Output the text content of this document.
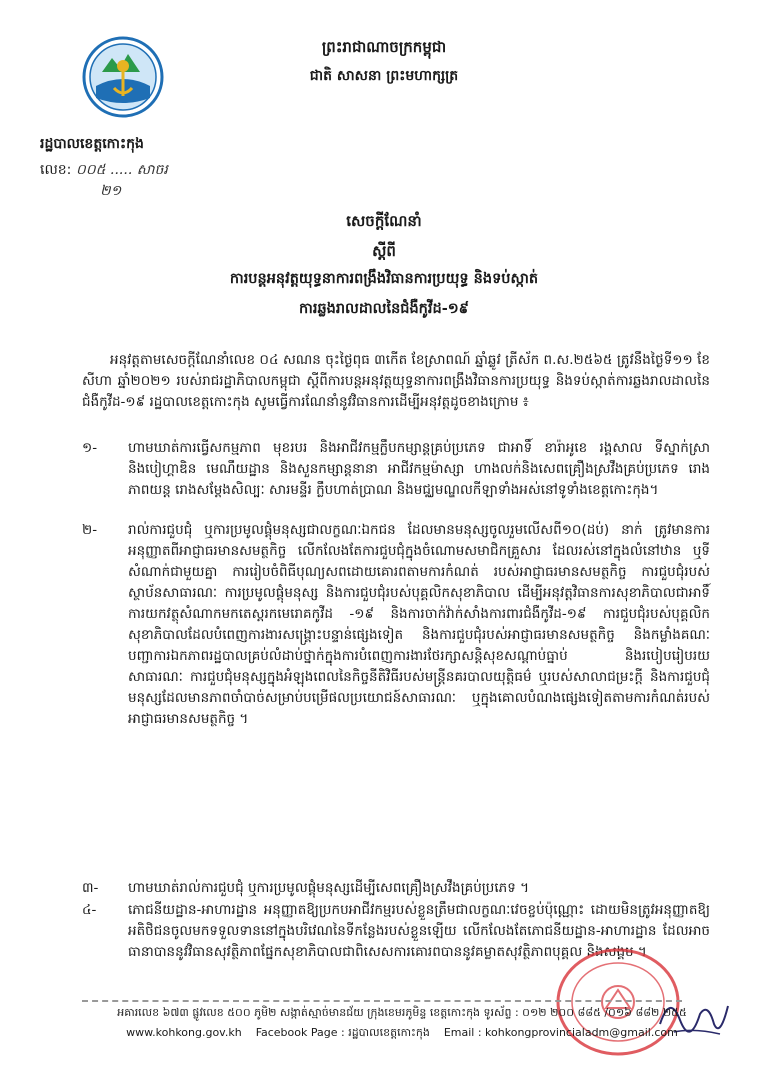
ព្រះរាជាណាចក្រកម្ពុជា
ជាតិ សាសនា ព្រះមហាក្សត្រ
រដ្ឋបាលខេត្តកោះកុង
លេខ: ០០៥ ..... សាចរ
២១
សេចក្តីណែនាំ
ស្តីពី
ការបន្តអនុវត្តយុទ្ធនាការពង្រឹងវិធានការប្រយុទ្ធ និងទប់ស្កាត់
ការឆ្លងរាលដាលនៃជំងឺកូវីដ-១៩
អនុវត្តតាមសេចក្តីណែនាំលេខ ០៤ សណន ចុះថ្ងៃពុធ ៣កើត ខែស្រាពណ៍ ឆ្នាំឆ្លូវ ត្រីស័ក ព.ស.២៥៦៥ ត្រូវនឹងថ្ងៃទី១១ ខែសីហា ឆ្នាំ២០២១ របស់រាជរដ្ឋាភិបាលកម្ពុជា ស្តីពីការបន្តអនុវត្តយុទ្ធនាការពង្រឹងវិធានការប្រយុទ្ធ និងទប់ស្កាត់ការឆ្លងរាលដាលនៃជំងឺកូវីដ-១៩ រដ្ឋបាលខេត្តកោះកុង សូមធ្វើការណែនាំនូវវិធានការដើម្បីអនុវត្តដូចខាងក្រោម ៖
១-	ហាមឃាត់ការធ្វើសកម្មភាព មុខរបរ និងអាជីវកម្មក្លឹបកម្សាន្តគ្រប់ប្រភេទ ជាអាទិ៍ ខារ៉ាអូខេ រង្គសាល ទីស្នាក់ស្រា និងបៀហ្គាឌិន មេណឹយដ្ឋាន និងសួនកម្សាន្តនានា អាជីវកម្មម៉ាស្សា ហាងលក់និងសេពគ្រឿងស្រវឹងគ្រប់ប្រភេទ រោងភាពយន្ត រោងសម្តែងសិល្បៈ សារមន្ទីរ ក្លឹបហាត់ប្រាណ និងមជ្ឈមណ្ឌលកីឡាទាំងអស់នៅទូទាំងខេត្តកោះកុង។
២-	រាល់ការជួបជុំ ឬការប្រមូលផ្តុំមនុស្សជាលក្ខណៈឯកជន ដែលមានមនុស្សចូលរួមលើសពី១០(ដប់) នាក់ ត្រូវមានការអនុញ្ញាតពីអាជ្ញាធរមានសមត្ថកិច្ច លើកលែងតែការជួបជុំក្នុងចំណោមសមាជិកគ្រួសារ ដែលរស់នៅក្នុងលំនៅឋាន ឬទីសំណាក់ជាមួយគ្នា ការរៀបចំពិធីបុណ្យសពដោយគោរពតាមការកំណត់ របស់អាជ្ញាធរមានសមត្ថកិច្ច ការជួបជុំរបស់ស្ថាប័នសាធារណៈ ការប្រមូលផ្តុំមនុស្ស និងការជួបជុំរបស់បុគ្គលិកសុខាភិបាល ដើម្បីអនុវត្តវិធានការសុខាភិបាលជាអាទិ៍ការយកវត្ថុសំណាកមកតេស្តរកមេរោគកូវីដ -១៩ និងការចាក់វ៉ាក់សាំងការពារជំងឺកូវីដ-១៩ ការជួបជុំរបស់បុគ្គលិកសុខាភិបាលដែលបំពេញការងារសង្គ្រោះបន្ទាន់ផ្សេងទៀត និងការជួបជុំរបស់អាជ្ញាធរមានសមត្ថកិច្ច និងកម្លាំងគណៈបញ្ជាការឯកភាពរដ្ឋបាលគ្រប់លំដាប់ថ្នាក់ក្នុងការបំពេញការងារថែរក្សាសន្តិសុខសណ្តាប់ធ្នាប់ និងរបៀបរៀបរយសាធារណៈ ការជួបជុំមនុស្សក្នុងអំឡុងពេលនៃកិច្ចនីតិវិធីរបស់មន្ត្រីនគរបាលយុត្តិធម៌ ឬរបស់សាលាជម្រះក្តី និងការជួបជុំមនុស្សដែលមានភាពចាំបាច់សម្រាប់បម្រើផលប្រយោជន៍សាធារណៈ ឬក្នុងគោលបំណងផ្សេងទៀតតាមការកំណត់របស់អាជ្ញាធរមានសមត្ថកិច្ច ។
៣-	ហាមឃាត់រាល់ការជួបជុំ ឬការប្រមូលផ្តុំមនុស្សដើម្បីសេពគ្រឿងស្រវឹងគ្រប់ប្រភេទ ។
៤-	ភោជនីយដ្ឋាន-អាហារដ្ឋាន អនុញ្ញាតឱ្យប្រកបអាជីវកម្មរបស់ខ្លួនត្រឹមជាលក្ខណៈវេចខ្ចប់ប៉ុណ្ណោះ ដោយមិនត្រូវអនុញ្ញាតឱ្យអតិថិជនចូលមកទទួលទាននៅក្នុងបរិវេណនៃទីកន្លែងរបស់ខ្លួនឡើយ លើកលែងតែភោជនីយដ្ឋាន-អាហារដ្ឋាន ដែលអាចធានាបាននូវវិធានសុវត្ថិភាពផ្នែកសុខាភិបាលជាពិសេសការគោរពបាននូវគម្លាតសុវត្ថិភាពបុគ្គល និងសង្គម ។
អគារលេខ ៦៧៣ ផ្លូវលេខ ៥០០ ភូមិ២ សង្កាត់ស្មាច់មានជ័យ ក្រុងខេមរភូមិន្ទ ខេត្តកោះកុង ទូរស័ព្ទ : ០១២ ២០០ ៨៨៥ /០១៦ ៨៨២ ២៥៥
www.kohkong.gov.kh Facebook Page : រដ្ឋបាលខេត្តកោះកុង Email : kohkongprovincialadm@gmail.com
